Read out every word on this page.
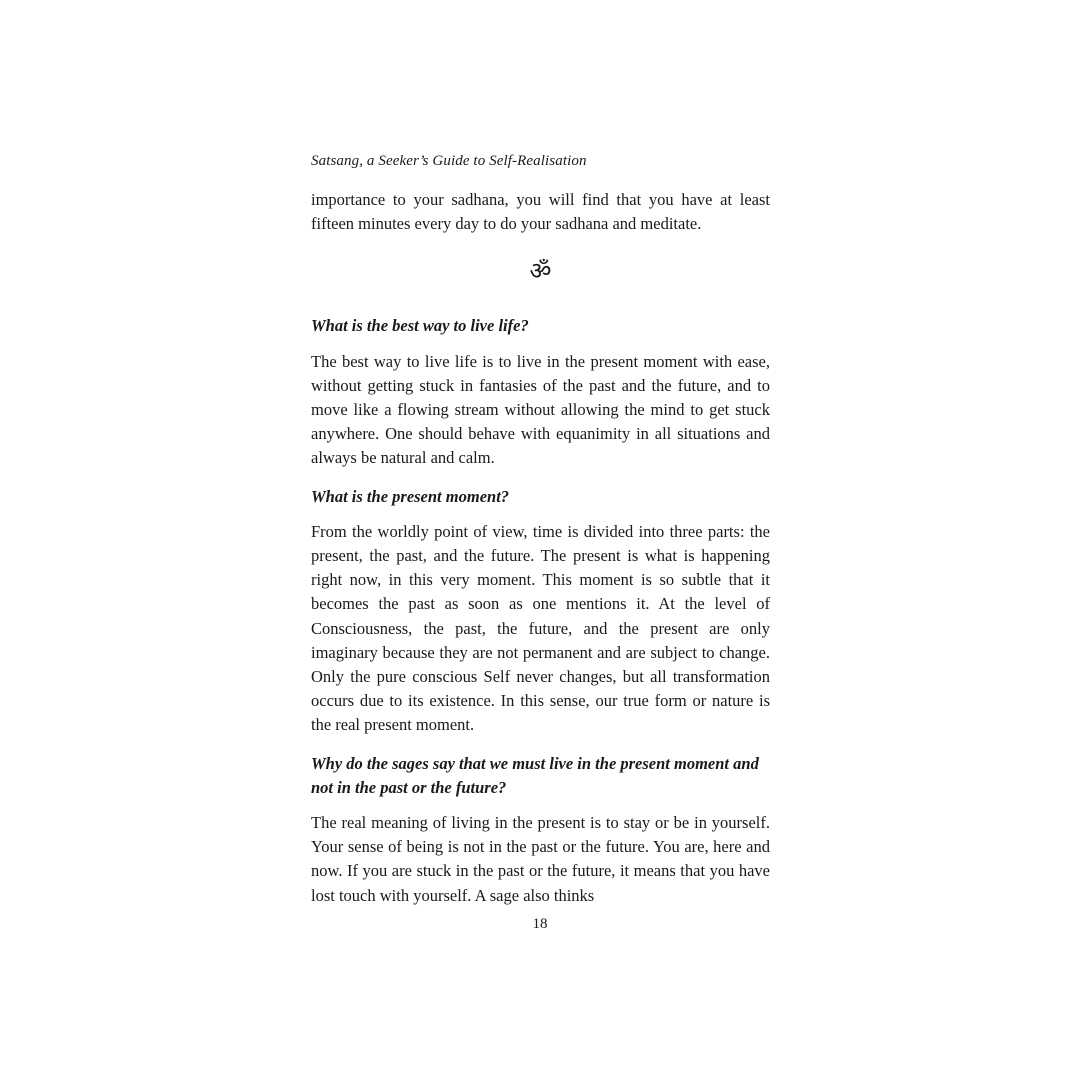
Satsang, a Seeker’s Guide to Self-Realisation

importance to your sadhana, you will find that you have at least fifteen minutes every day to do your sadhana and meditate.

ॐ
What is the best way to live life?

The best way to live life is to live in the present moment with ease, without getting stuck in fantasies of the past and the future, and to move like a flowing stream without allowing the mind to get stuck anywhere. One should behave with equanimity in all situations and always be natural and calm.

What is the present moment?

From the worldly point of view, time is divided into three parts: the present, the past, and the future. The present is what is happening right now, in this very moment. This moment is so subtle that it becomes the past as soon as one mentions it. At the level of Consciousness, the past, the future, and the present are only imaginary because they are not permanent and are subject to change. Only the pure conscious Self never changes, but all transformation occurs due to its existence. In this sense, our true form or nature is the real present moment.

Why do the sages say that we must live in the present moment and not in the past or the future?

The real meaning of living in the present is to stay or be in yourself. Your sense of being is not in the past or the future. You are, here and now. If you are stuck in the past or the future, it means that you have lost touch with yourself. A sage also thinks

18
